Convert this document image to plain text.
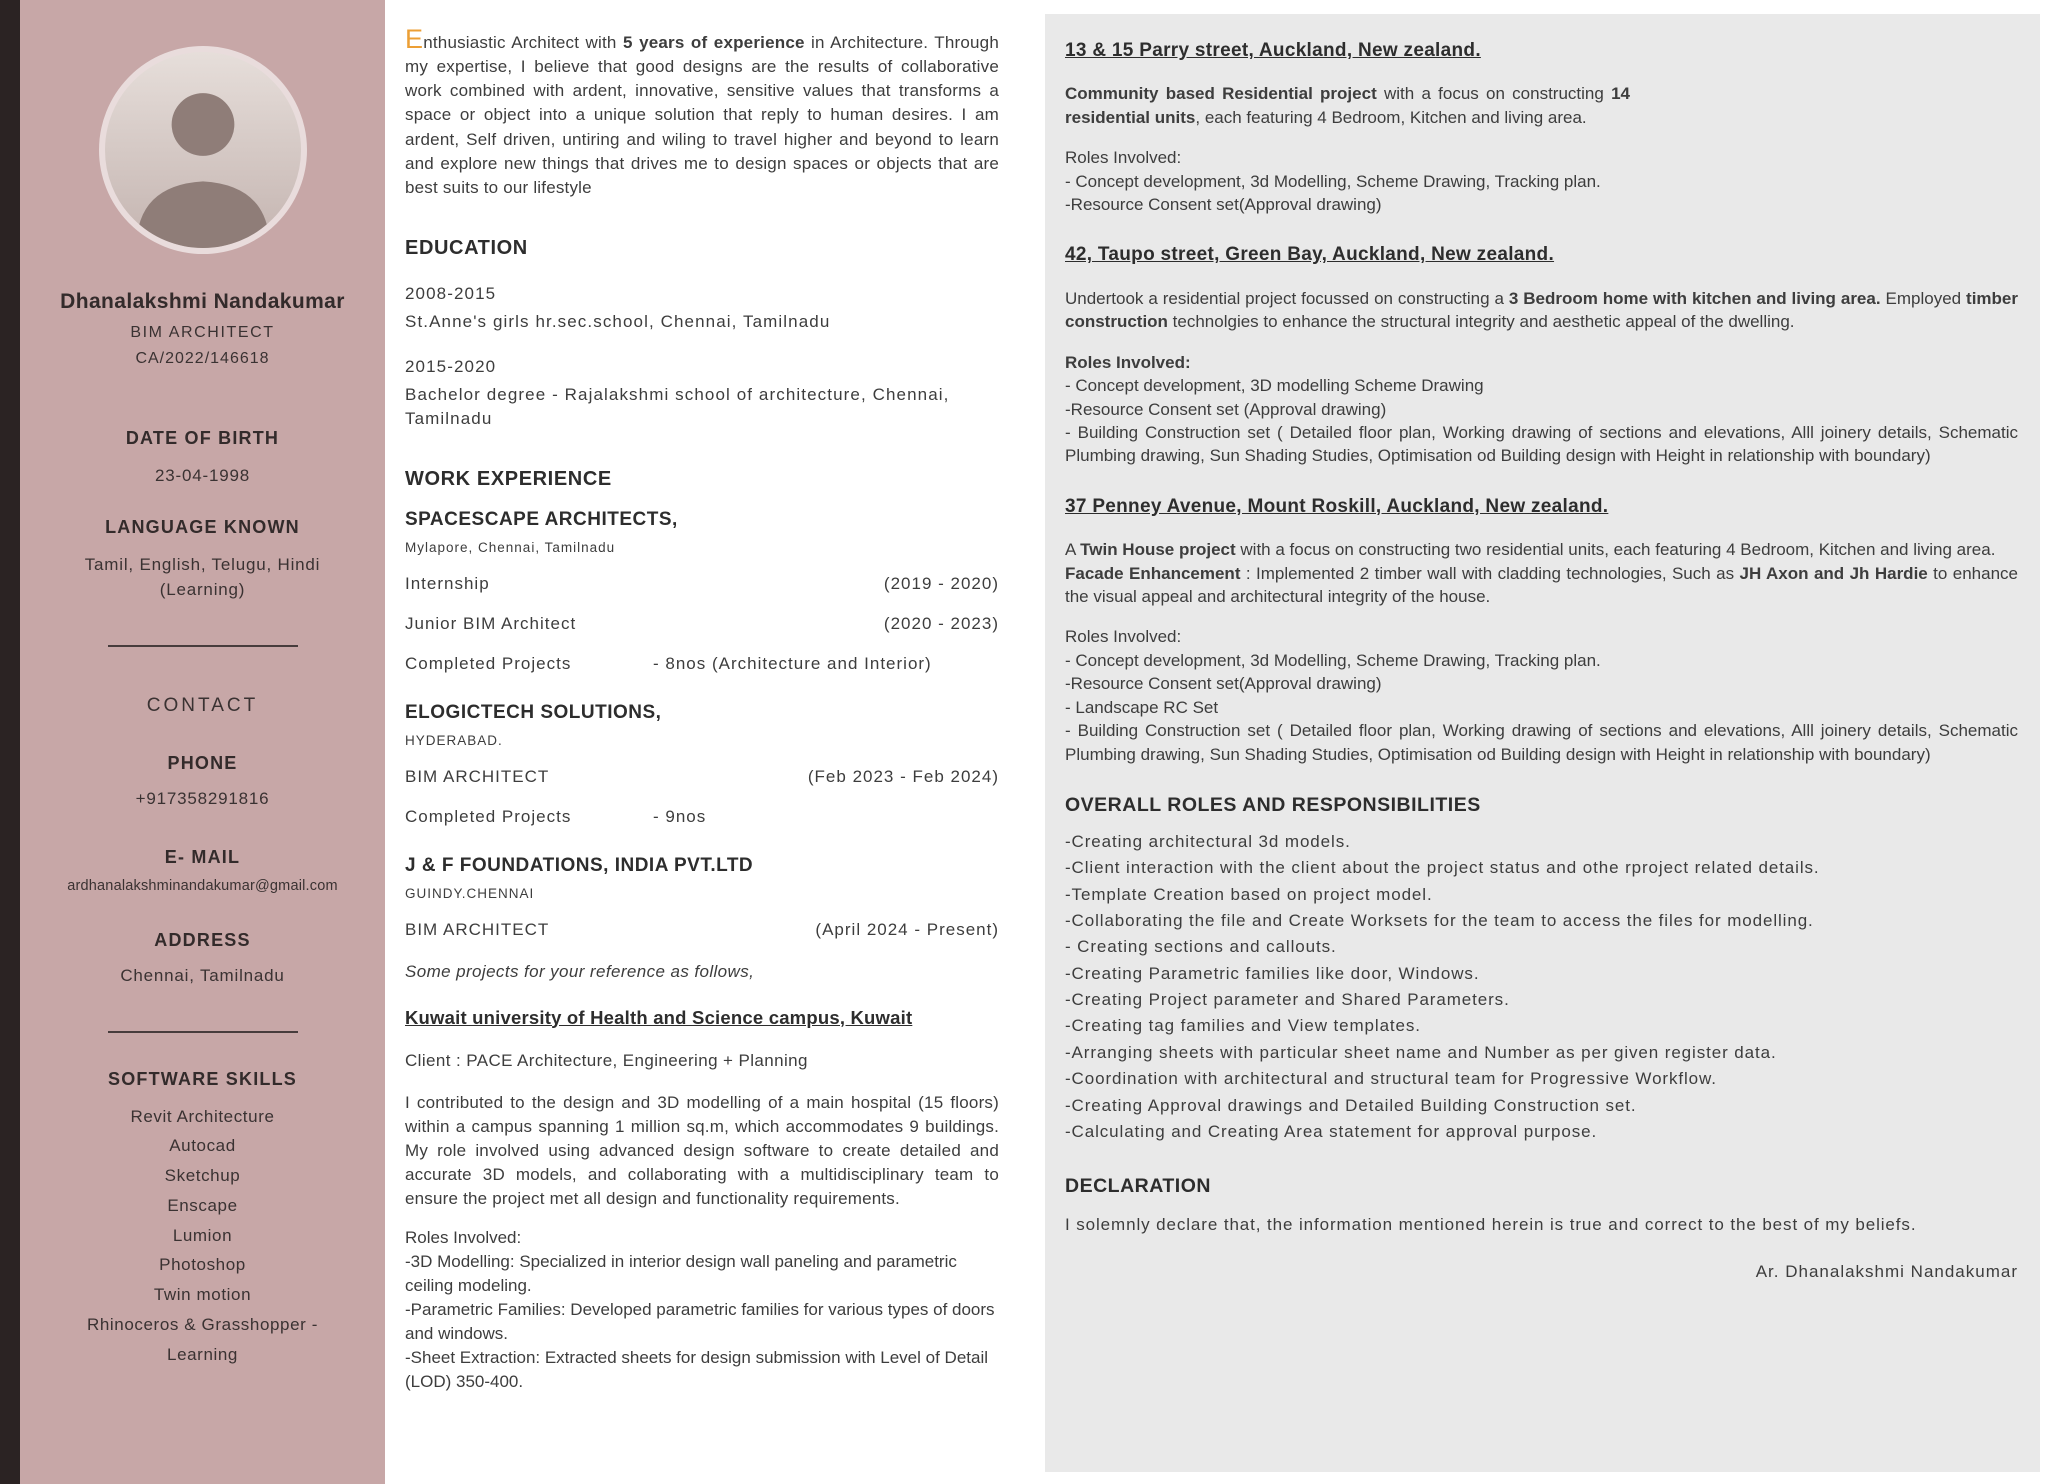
Dhanalakshmi Nandakumar
BIM ARCHITECT
CA/2022/146618
DATE OF BIRTH
23-04-1998
LANGUAGE KNOWN
Tamil, English, Telugu, Hindi (Learning)
CONTACT
PHONE
+917358291816
E- MAIL
ardhanalakshminandakumar@gmail.com
ADDRESS
Chennai, Tamilnadu
SOFTWARE SKILLS
Revit Architecture
Autocad
Sketchup
Enscape
Lumion
Photoshop
Twin motion
Rhinoceros & Grasshopper - Learning

Enthusiastic Architect with 5 years of experience in Architecture. Through my expertise, I believe that good designs are the results of collaborative work combined with ardent, innovative, sensitive values that transforms a space or object into a unique solution that reply to human desires. I am ardent, Self driven, untiring and wiling to travel higher and beyond to learn and explore new things that drives me to design spaces or objects that are best suits to our lifestyle

EDUCATION
2008-2015
St.Anne's girls hr.sec.school, Chennai, Tamilnadu
2015-2020
Bachelor degree - Rajalakshmi school of architecture, Chennai, Tamilnadu
WORK EXPERIENCE
SPACESCAPE ARCHITECTS,
Mylapore, Chennai, Tamilnadu
Internship	(2019 - 2020)
Junior BIM Architect	(2020 - 2023)
Completed Projects	- 8nos (Architecture and Interior)
ELOGICTECH SOLUTIONS,
HYDERABAD.
BIM ARCHITECT	(Feb 2023 - Feb 2024)
Completed Projects	- 9nos
J & F FOUNDATIONS, INDIA PVT.LTD
GUINDY.CHENNAI
BIM ARCHITECT	(April 2024 - Present)
Some projects for your reference as follows,
Kuwait university of Health and Science campus, Kuwait
Client : PACE Architecture, Engineering + Planning

I contributed to the design and 3D modelling of a main hospital (15 floors) within a campus spanning 1 million sq.m, which accommodates 9 buildings. My role involved using advanced design software to create detailed and accurate 3D models, and collaborating with a multidisciplinary team to ensure the project met all design and functionality requirements.

Roles Involved:
-3D Modelling: Specialized in interior design wall paneling and parametric ceiling modeling.
-Parametric Families: Developed parametric families for various types of doors and windows.
-Sheet Extraction: Extracted sheets for design submission with Level of Detail (LOD) 350-400.
13 & 15 Parry street, Auckland, New zealand.

Community based Residential project with a focus on constructing 14 residential units, each featuring 4 Bedroom, Kitchen and living area.

Roles Involved:
- Concept development, 3d Modelling, Scheme Drawing, Tracking plan.
-Resource Consent set(Approval drawing)
42, Taupo street, Green Bay, Auckland, New zealand.

Undertook a residential project focussed on constructing a 3 Bedroom home with kitchen and living area. Employed timber construction technolgies to enhance the structural integrity and aesthetic appeal of the dwelling.

Roles Involved:
- Concept development, 3D modelling Scheme Drawing
-Resource Consent set (Approval drawing)
- Building Construction set ( Detailed floor plan, Working drawing of sections and elevations, Alll joinery details, Schematic Plumbing drawing, Sun Shading Studies, Optimisation od Building design with Height in relationship with boundary)
37 Penney Avenue, Mount Roskill, Auckland, New zealand.

A Twin House project with a focus on constructing two residential units, each featuring 4 Bedroom, Kitchen and living area.

Facade Enhancement : Implemented 2 timber wall with cladding technologies, Such as JH Axon and Jh Hardie to enhance the visual appeal and architectural integrity of the house.

Roles Involved:
- Concept development, 3d Modelling, Scheme Drawing, Tracking plan.
-Resource Consent set(Approval drawing)
- Landscape RC Set
- Building Construction set ( Detailed floor plan, Working drawing of sections and elevations, Alll joinery details, Schematic Plumbing drawing, Sun Shading Studies, Optimisation od Building design with Height in relationship with boundary)
OVERALL ROLES AND RESPONSIBILITIES
-Creating architectural 3d models.
-Client interaction with the client about the project status and othe rproject related details.
-Template Creation based on project model.
-Collaborating the file and Create Worksets for the team to access the files for modelling.
- Creating sections and callouts.
-Creating Parametric families like door, Windows.
-Creating Project parameter and Shared Parameters.
-Creating tag families and View templates.
-Arranging sheets with particular sheet name and Number as per given register data.
-Coordination with architectural and structural team for Progressive Workflow.
-Creating Approval drawings and Detailed Building Construction set.
-Calculating and Creating Area statement for approval purpose.
DECLARATION

I solemnly declare that, the information mentioned herein is true and correct to the best of my beliefs.

Ar. Dhanalakshmi Nandakumar
